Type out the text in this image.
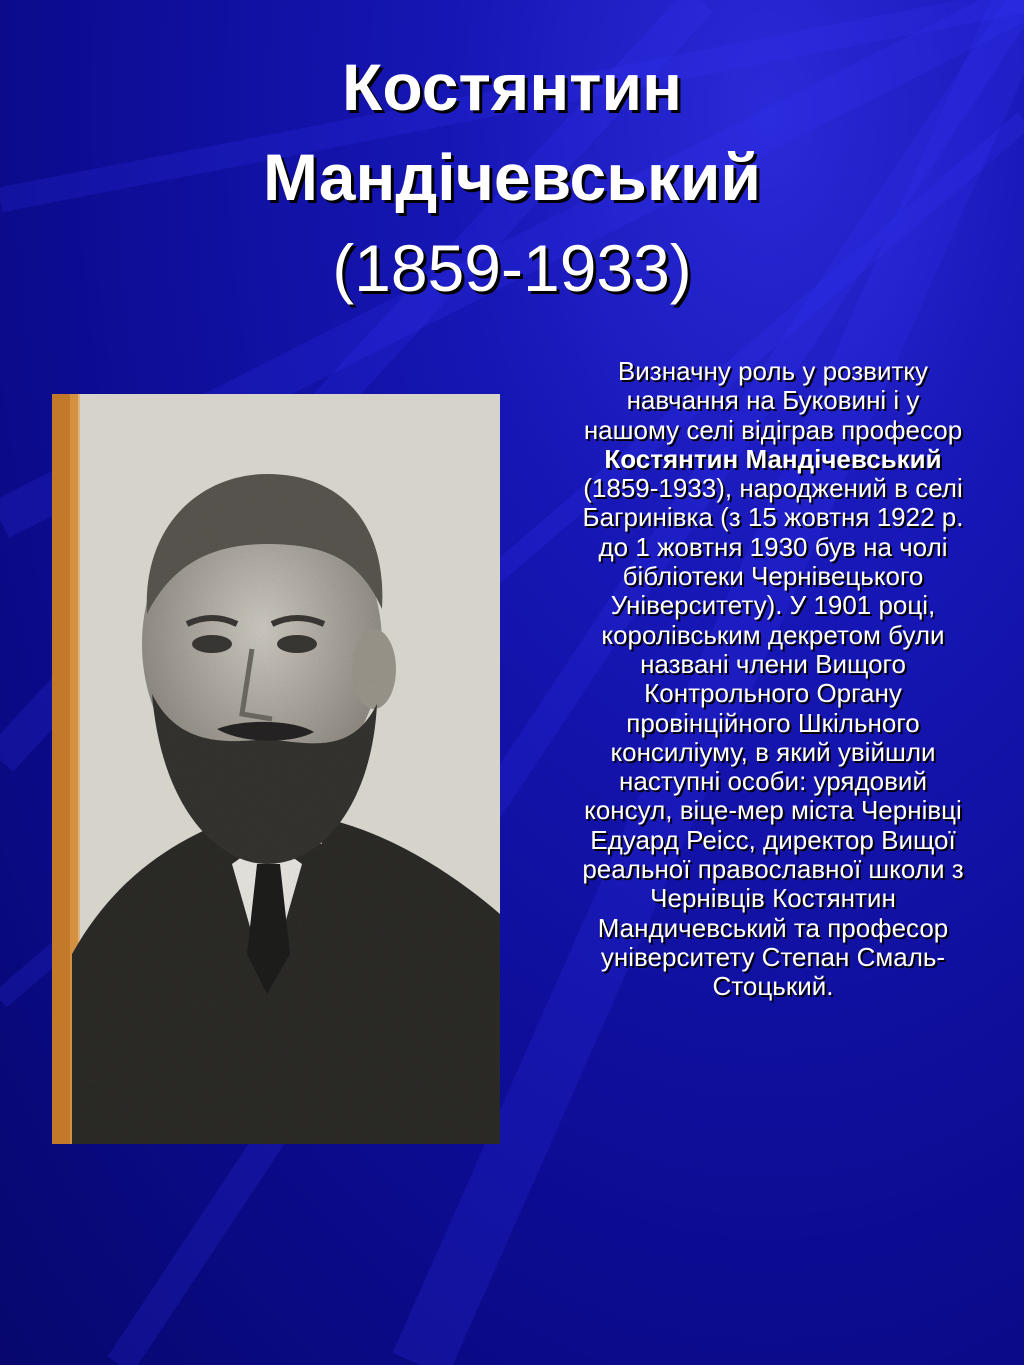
Костянтин
Мандічевський
(1859-1933)
Визначну роль у розвитку навчання на Буковині і у нашому селі відіграв професор Костянтин Мандічевський (1859-1933), народжений в селі Багринівка (з 15 жовтня 1922 р. до 1 жовтня 1930 був на чолі бібліотеки Чернівецького Університету). У 1901 році, королівським декретом були названі члени Вищого Контрольного Органу провінційного Шкільного консиліуму, в який увійшли наступні особи: урядовий консул, віце-мер міста Чернівці Едуард Реісс, директор Вищої реальної православної школи з Чернівців Костянтин Мандичевський та професор університету Степан Смаль-Стоцький.
